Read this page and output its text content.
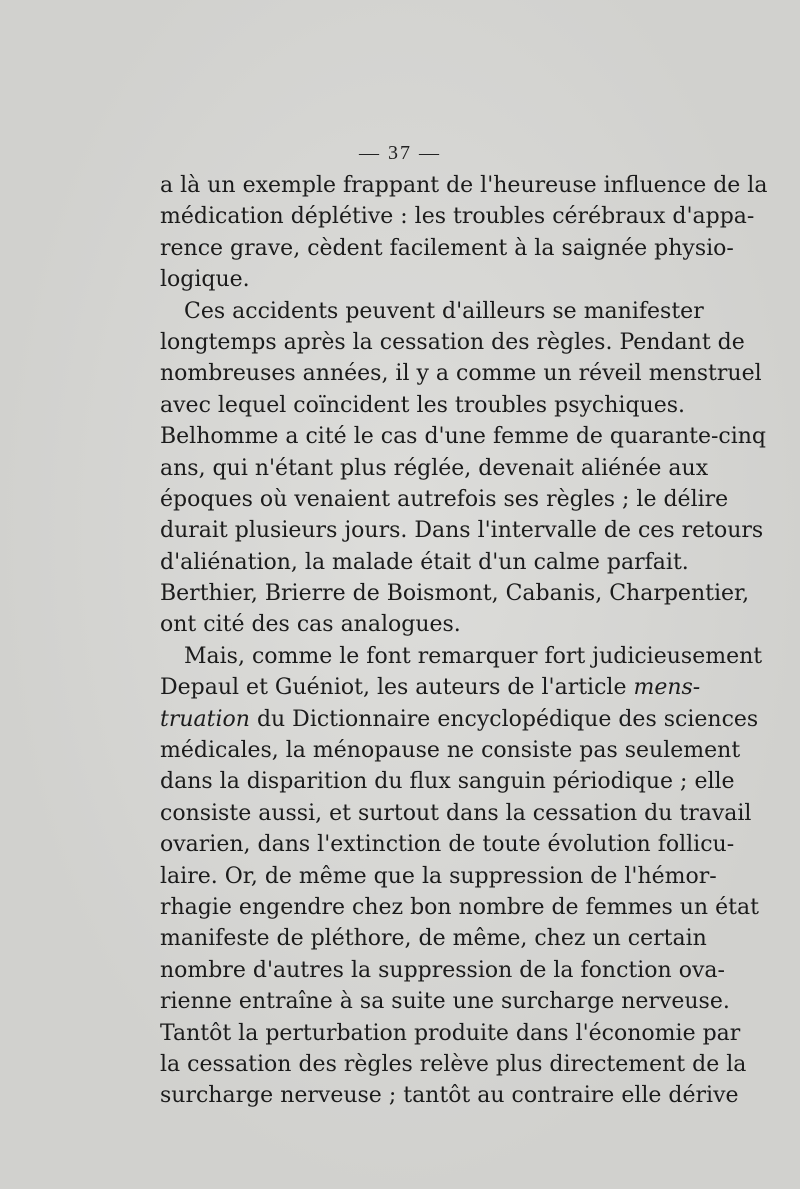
— 37 —
a là un exemple frappant de l'heureuse influence de la
médication déplétive : les troubles cérébraux d'appa-
rence grave, cèdent facilement à la saignée physio-
logique.
Ces accidents peuvent d'ailleurs se manifester
longtemps après la cessation des règles. Pendant de
nombreuses années, il y a comme un réveil menstruel
avec lequel coïncident les troubles psychiques.
Belhomme a cité le cas d'une femme de quarante-cinq
ans, qui n'étant plus réglée, devenait aliénée aux
époques où venaient autrefois ses règles ; le délire
durait plusieurs jours. Dans l'intervalle de ces retours
d'aliénation, la malade était d'un calme parfait.
Berthier, Brierre de Boismont, Cabanis, Charpentier,
ont cité des cas analogues.
Mais, comme le font remarquer fort judicieusement
Depaul et Guéniot, les auteurs de l'article mens-
truation du Dictionnaire encyclopédique des sciences
médicales, la ménopause ne consiste pas seulement
dans la disparition du flux sanguin périodique ; elle
consiste aussi, et surtout dans la cessation du travail
ovarien, dans l'extinction de toute évolution follicu-
laire. Or, de même que la suppression de l'hémor-
rhagie engendre chez bon nombre de femmes un état
manifeste de pléthore, de même, chez un certain
nombre d'autres la suppression de la fonction ova-
rienne entraîne à sa suite une surcharge nerveuse.
Tantôt la perturbation produite dans l'économie par
la cessation des règles relève plus directement de la
surcharge nerveuse ; tantôt au contraire elle dérive
